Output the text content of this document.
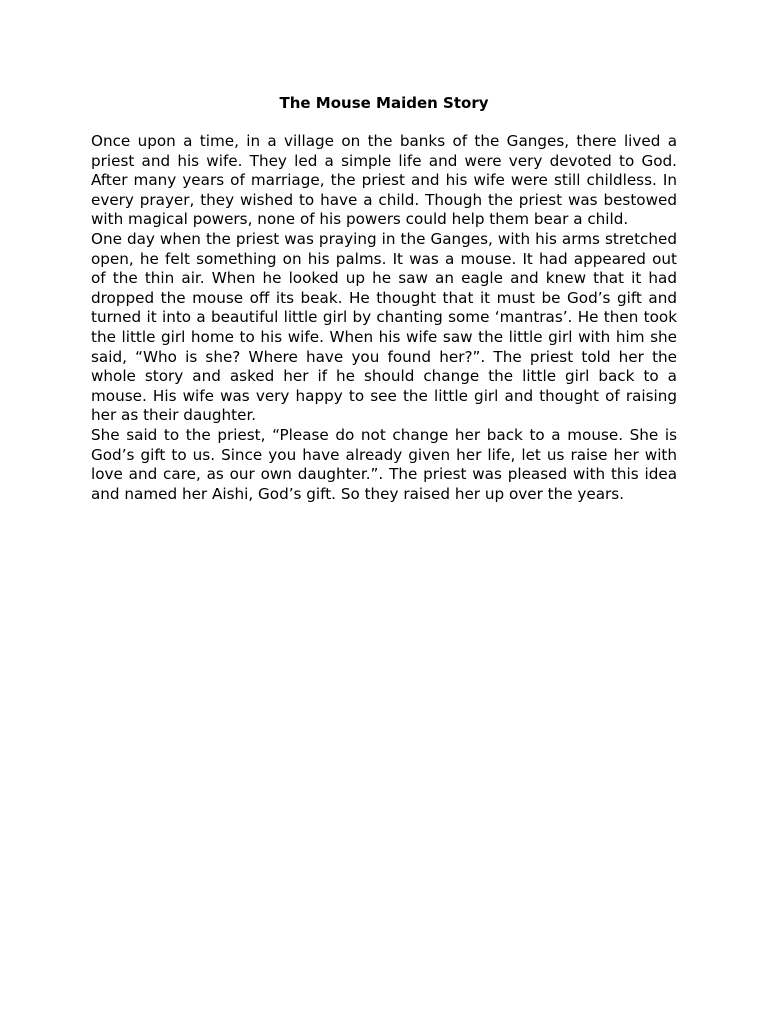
The Mouse Maiden Story

Once upon a time, in a village on the banks of the Ganges, there lived a priest and his wife. They led a simple life and were very devoted to God. After many years of marriage, the priest and his wife were still childless. In every prayer, they wished to have a child. Though the priest was bestowed with magical powers, none of his powers could help them bear a child.

One day when the priest was praying in the Ganges, with his arms stretched open, he felt something on his palms. It was a mouse. It had appeared out of the thin air. When he looked up he saw an eagle and knew that it had dropped the mouse off its beak. He thought that it must be God’s gift and turned it into a beautiful little girl by chanting some ‘mantras’. He then took the little girl home to his wife. When his wife saw the little girl with him she said, “Who is she? Where have you found her?”. The priest told her the whole story and asked her if he should change the little girl back to a mouse. His wife was very happy to see the little girl and thought of raising her as their daughter.

She said to the priest, “Please do not change her back to a mouse. She is God’s gift to us. Since you have already given her life, let us raise her with love and care, as our own daughter.”. The priest was pleased with this idea and named her Aishi, God’s gift. So they raised her up over the years.
